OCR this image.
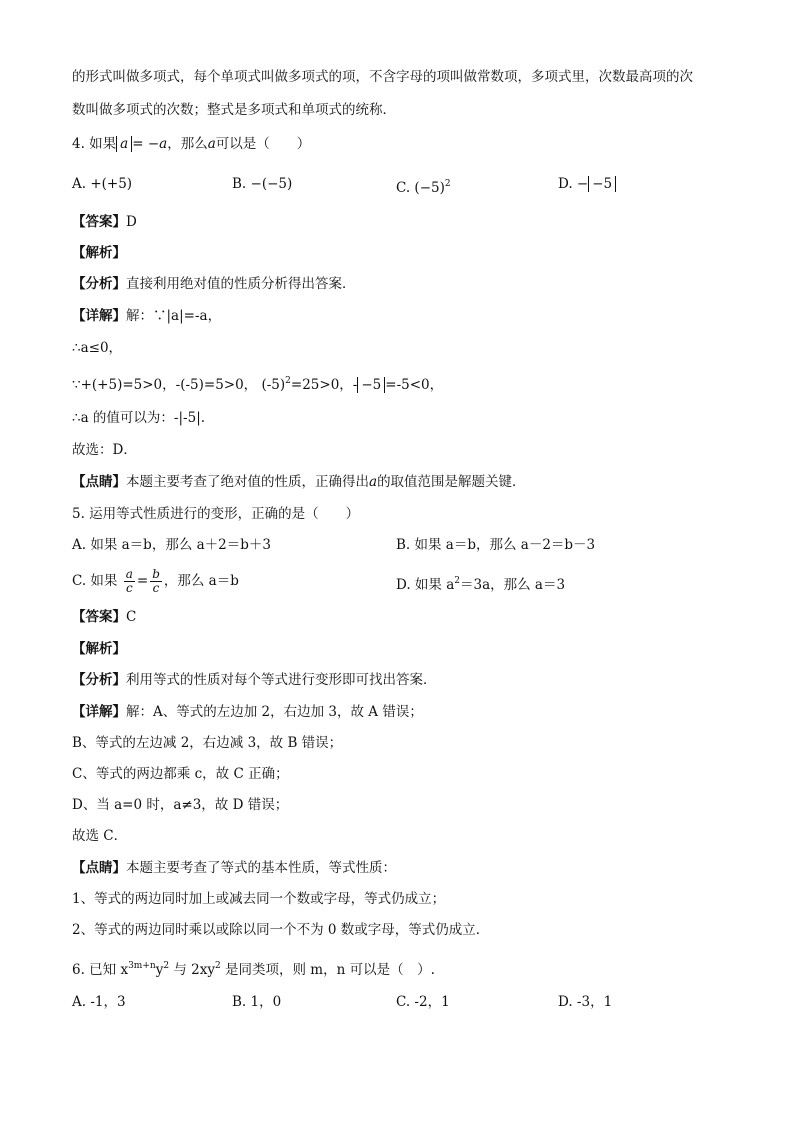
的形式叫做多项式，每个单项式叫做多项式的项，不含字母的项叫做常数项，多项式里，次数最高项的次
数叫做多项式的次数；整式是多项式和单项式的统称．
4. 如果 a = −a，那么a可以是（　　）
A. +(+5)	B. −(−5)	C. $(-5)^2$	D. − −5
【答案】D
【解析】
【分析】直接利用绝对值的性质分析得出答案．
【详解】解：∵|a|=-a，
∴a≤0，
∵+(+5)=5>0，-(-5)=5>0， $(-5)^2=25>0$，- −5 =-5<0，
∴a 的值可以为：-|-5|.
故选：D．
【点睛】本题主要考查了绝对值的性质，正确得出a的取值范围是解题关键．
5. 运用等式性质进行的变形，正确的是（　　）
A. 如果 a＝b，那么 a＋2＝b＋3	B. 如果 a＝b，那么 a－2＝b－3
C. 如果 $\frac{a}{c} = \frac{b}{c}$ ，那么 a＝b	D. 如果 $a^2=3a$，那么 a＝3
【答案】C
【解析】
【分析】利用等式的性质对每个等式进行变形即可找出答案．
【详解】解：A、等式的左边加 2，右边加 3，故 A 错误；
B、等式的左边减 2，右边减 3，故 B 错误；
C、等式的两边都乘 c，故 C 正确；
D、当 a=0 时，a≠3，故 D 错误；
故选 C．
【点睛】本题主要考查了等式的基本性质，等式性质：
1、等式的两边同时加上或减去同一个数或字母，等式仍成立；
2、等式的两边同时乘以或除以同一个不为 0 数或字母，等式仍成立．
6. 已知 $x^{3m+n}y^2$ 与 $2xy^2$ 是同类项，则 m，n 可以是（　）.
A. -1，3	B. 1，0	C. -2，1	D. -3，1
